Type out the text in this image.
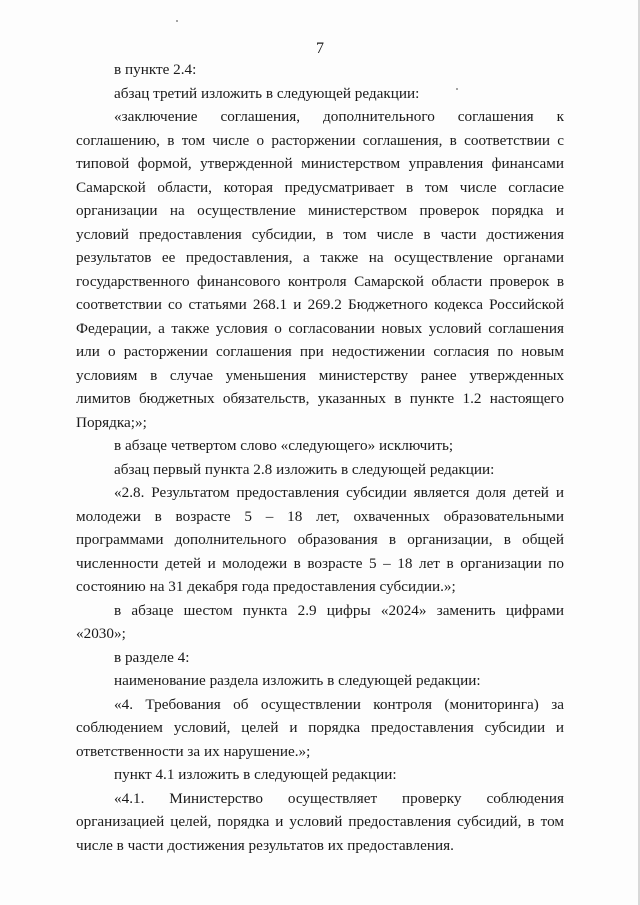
7

в пункте 2.4:

абзац третий изложить в следующей редакции:

«заключение соглашения, дополнительного соглашения к соглашению, в том числе о расторжении соглашения, в соответствии с типовой формой, утвержденной министерством управления финансами Самарской области, которая предусматривает в том числе согласие организации на осуществление министерством проверок порядка и условий предоставления субсидии, в том числе в части достижения результатов ее предоставления, а также на осуществление органами государственного финансового контроля Самарской области проверок в соответствии со статьями 268.1 и 269.2 Бюджетного кодекса Российской Федерации, а также условия о согласовании новых условий соглашения или о расторжении соглашения при недостижении согласия по новым условиям в случае уменьшения министерству ранее утвержденных лимитов бюджетных обязательств, указанных в пункте 1.2 настоящего Порядка;»;

в абзаце четвертом слово «следующего» исключить;

абзац первый пункта 2.8 изложить в следующей редакции:

«2.8. Результатом предоставления субсидии является доля детей и молодежи в возрасте 5 – 18 лет, охваченных образовательными программами дополнительного образования в организации, в общей численности детей и молодежи в возрасте 5 – 18 лет в организации по состоянию на 31 декабря года предоставления субсидии.»;

в абзаце шестом пункта 2.9 цифры «2024» заменить цифрами «2030»;

в разделе 4:

наименование раздела изложить в следующей редакции:

«4. Требования об осуществлении контроля (мониторинга) за соблюдением условий, целей и порядка предоставления субсидии и ответственности за их нарушение.»;

пункт 4.1 изложить в следующей редакции:

«4.1. Министерство осуществляет проверку соблюдения организацией целей, порядка и условий предоставления субсидий, в том числе в части достижения результатов их предоставления.
